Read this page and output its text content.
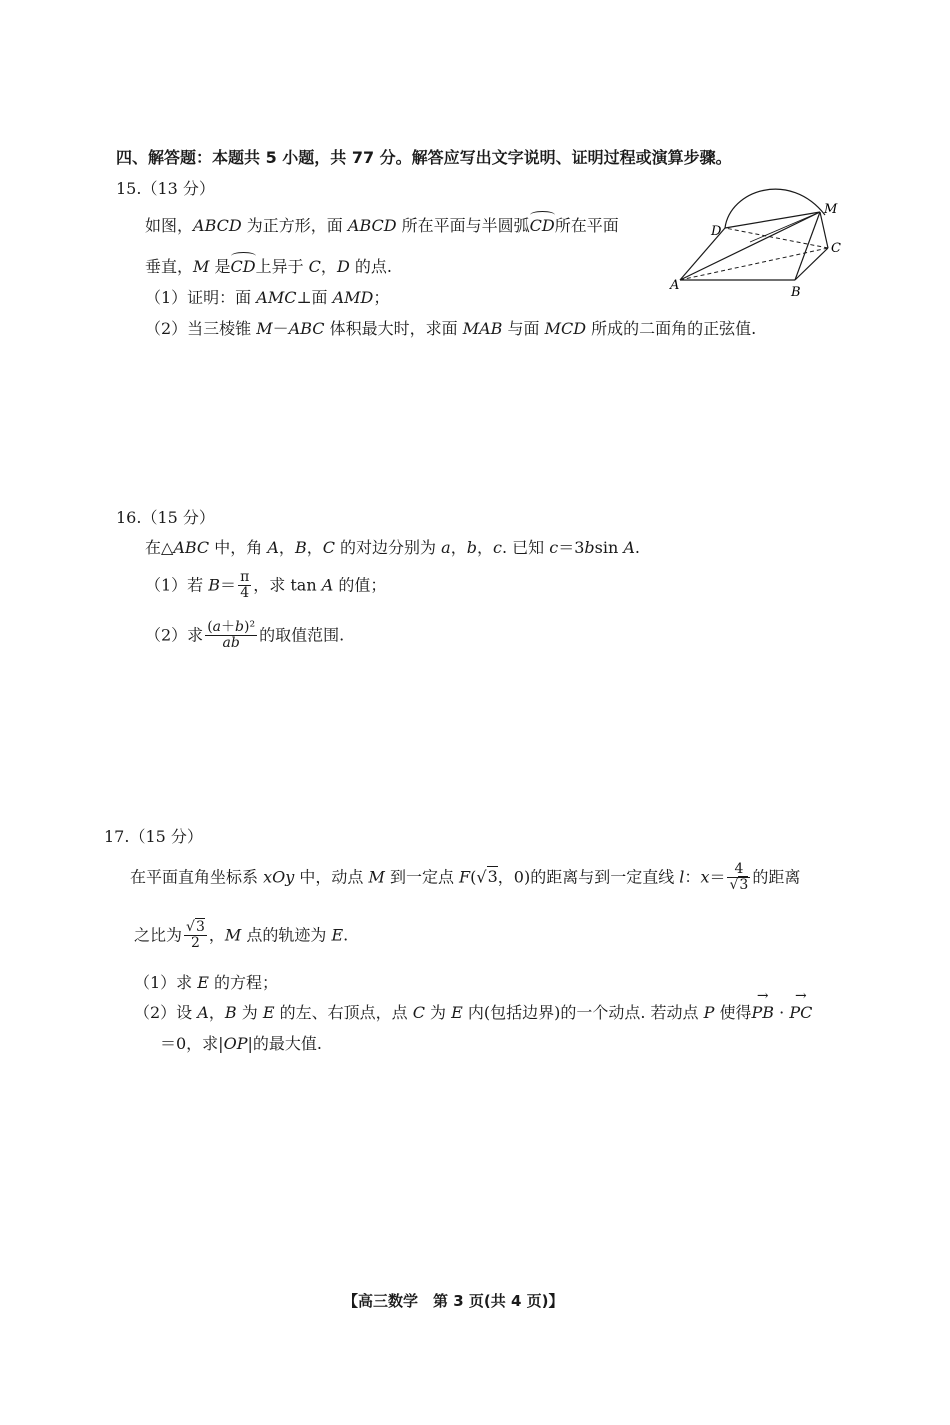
四、解答题：本题共 5 小题，共 77 分。解答应写出文字说明、证明过程或演算步骤。
15.（13 分）
如图，ABCD 为正方形，面 ABCD 所在平面与半圆弧CD所在平面
垂直，M 是CD上异于 C，D 的点.
（1）证明：面 AMC⊥面 AMD；
（2）当三棱锥 M－ABC 体积最大时，求面 MAB 与面 MCD 所成的二面角的正弦值.
A	B
C
D
M
16.（15 分）
在△ABC 中，角 A，B，C 的对边分别为 a，b，c. 已知 c＝3bsin A.
（1）若 $B= \frac{\pi}{4}$ ，求 tan A 的值；
（2）求 $\frac{\text{(a＋b)²}}{ab}$ 的取值范围.
17.（15 分）
在平面直角坐标系 xOy 中，动点 M 到一定点 F(√3，0)的距离与到一定直线 l：$x= \frac{4}{√3}$ 的距离
之比为 $\frac{√3}{2}$ ，M 点的轨迹为 E.
（1）求 E 的方程；
（2）设 A，B 为 E 的左、右顶点，点 C 为 E 内(包括边界)的一个动点. 若动点 P 使得→ PB · → PC
＝0，求|OP|的最大值.
【高三数学　第 3 页(共 4 页)】
